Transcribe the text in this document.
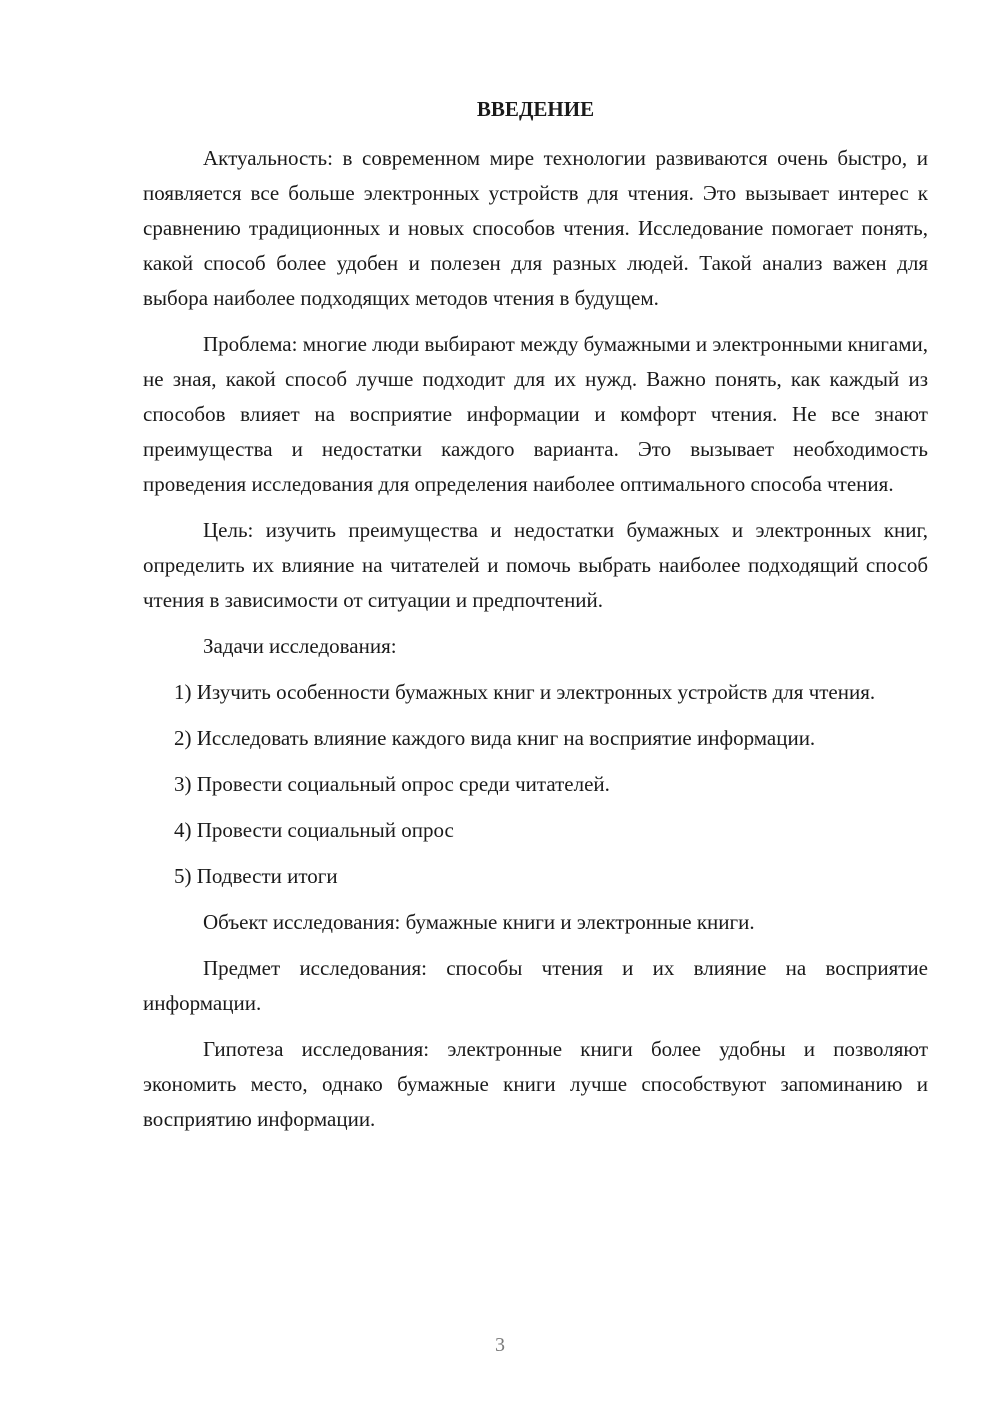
ВВЕДЕНИЕ

Актуальность: в современном мире технологии развиваются очень быстро, и появляется все больше электронных устройств для чтения. Это вызывает интерес к сравнению традиционных и новых способов чтения. Исследование помогает понять, какой способ более удобен и полезен для разных людей. Такой анализ важен для выбора наиболее подходящих методов чтения в будущем.

Проблема: многие люди выбирают между бумажными и электронными книгами, не зная, какой способ лучше подходит для их нужд. Важно понять, как каждый из способов влияет на восприятие информации и комфорт чтения. Не все знают преимущества и недостатки каждого варианта. Это вызывает необходимость проведения исследования для определения наиболее оптимального способа чтения.

Цель: изучить преимущества и недостатки бумажных и электронных книг, определить их влияние на читателей и помочь выбрать наиболее подходящий способ чтения в зависимости от ситуации и предпочтений.

Задачи исследования:

1) Изучить особенности бумажных книг и электронных устройств для чтения.

2) Исследовать влияние каждого вида книг на восприятие информации.

3) Провести социальный опрос среди читателей.

4) Провести социальный опрос

5) Подвести итоги

Объект исследования: бумажные книги и электронные книги.

Предмет исследования: способы чтения и их влияние на восприятие информации.

Гипотеза исследования: электронные книги более удобны и позволяют экономить место, однако бумажные книги лучше способствуют запоминанию и восприятию информации.

3
